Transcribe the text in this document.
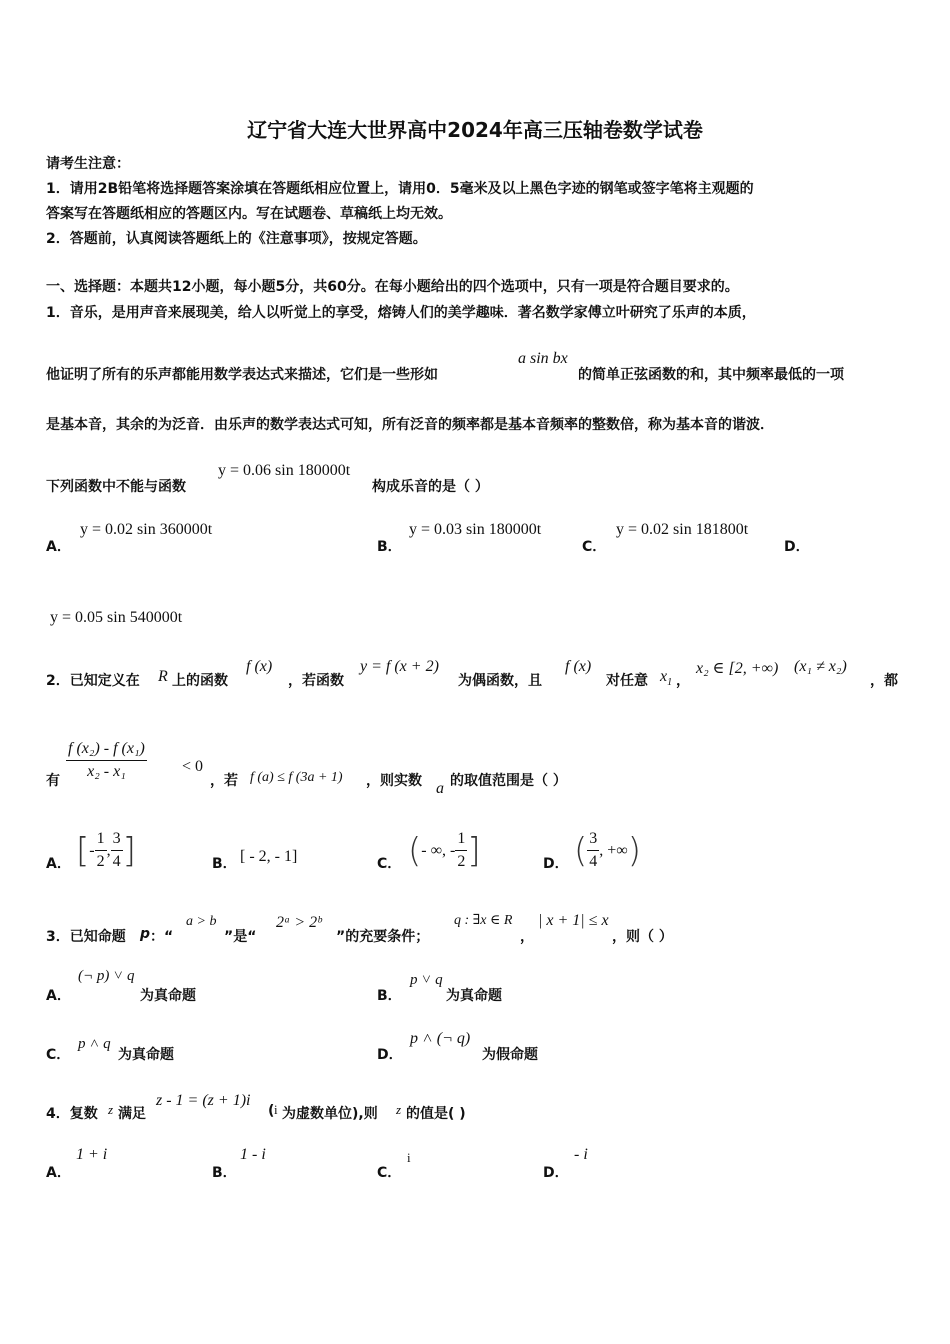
辽宁省大连大世界高中2024年高三压轴卷数学试卷
请考生注意：
1．请用2B铅笔将选择题答案涂填在答题纸相应位置上，请用0．5毫米及以上黑色字迹的钢笔或签字笔将主观题的
答案写在答题纸相应的答题区内。写在试题卷、草稿纸上均无效。
2．答题前，认真阅读答题纸上的《注意事项》，按规定答题。
一、选择题：本题共12小题，每小题5分，共60分。在每小题给出的四个选项中，只有一项是符合题目要求的。
1．音乐，是用声音来展现美，给人以听觉上的享受，熔铸人们的美学趣味．著名数学家傅立叶研究了乐声的本质，
他证明了所有的乐声都能用数学表达式来描述，它们是一些形如
a sin bx
的简单正弦函数的和，其中频率最低的一项
是基本音，其余的为泛音．由乐声的数学表达式可知，所有泛音的频率都是基本音频率的整数倍，称为基本音的谐波．
下列函数中不能与函数
y = 0.06 sin 180000t
构成乐音的是（ ）
A．
y = 0.02 sin 360000t
B．
y = 0.03 sin 180000t
C．
y = 0.02 sin 181800t
D．
y = 0.05 sin 540000t
2．已知定义在 R 上的函数
f (x)
，若函数
y = f (x + 2)
为偶函数，且
f (x)
对任意 $x_1$ ，
x₂ ∈ [2, +∞) (x₁ ≠ x₂)
，都
有 $\frac{\text{f (x₂) - f (x₁)}}{\text{x₂ - x₁}} < 0$
，若 f (a) ≤ f (3a + 1) ，则实数 a 的取值范围是（ ）
A． [ - $\frac{1}{2}$ , $\frac{3}{4}$ ]	B． [ - 2, - 1]	C． ( - ∞, - $\frac{1}{2}$ ]	D． ( $\frac{3}{4}$ , +∞ )
3．已知命题 p ：“
a > b
”是“
2ᵃ > 2ᵇ
”的充要条件；
q : ∃x ∈ R
，
| x + 1| ≤ x
，则（ ）
A．
(¬ p) ˅ q
为真命题	B．
p ˅ q
为真命题
C．
p ˄ q
为真命题	D．
p ˄ (¬ q)
为假命题
4．复数 z 满足
z - 1 = (z + 1)i
( i 为虚数单位),则 z 的值是( )
A．
1 + i
B．
1 - i
C．
i
D．
- i
